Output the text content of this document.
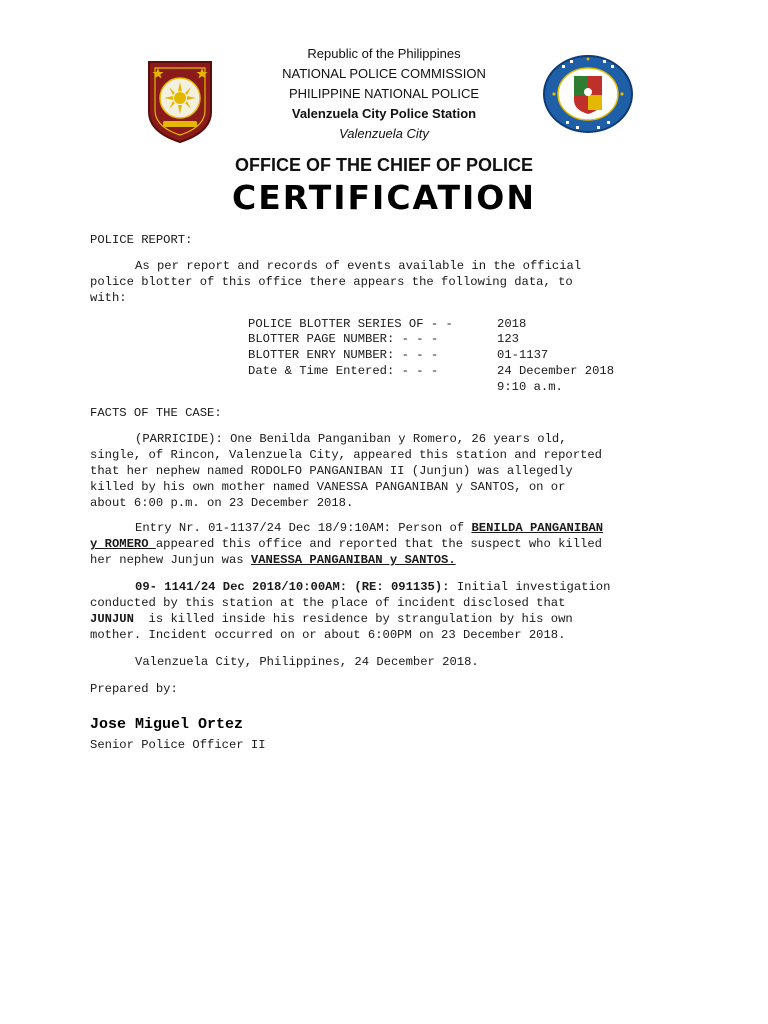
Republic of the Philippines
NATIONAL POLICE COMMISSION
PHILIPPINE NATIONAL POLICE
Valenzuela City Police Station
Valenzuela City
OFFICE OF THE CHIEF OF POLICE
CERTIFICATION
POLICE REPORT:
As per report and records of events available in the official
police blotter of this office there appears the following data, to
with:
POLICE BLOTTER SERIES OF - -	2018
BLOTTER PAGE NUMBER: - - -	123
BLOTTER ENRY NUMBER: - - -	01-1137
Date & Time Entered: - - -	24 December 2018
9:10 a.m.
FACTS OF THE CASE:
(PARRICIDE): One Benilda Panganiban y Romero, 26 years old,
single, of Rincon, Valenzuela City, appeared this station and reported
that her nephew named RODOLFO PANGANIBAN II (Junjun) was allegedly
killed by his own mother named VANESSA PANGANIBAN y SANTOS, on or
about 6:00 p.m. on 23 December 2018.
Entry Nr. 01-1137/24 Dec 18/9:10AM: Person of BENILDA PANGANIBAN
y ROMERO appeared this office and reported that the suspect who killed
her nephew Junjun was VANESSA PANGANIBAN y SANTOS.
09- 1141/24 Dec 2018/10:00AM: (RE: 091135): Initial investigation
conducted by this station at the place of incident disclosed that
JUNJUN  is killed inside his residence by strangulation by his own
mother. Incident occurred on or about 6:00PM on 23 December 2018.
Valenzuela City, Philippines, 24 December 2018.
Prepared by:
Jose Miguel Ortez
Senior Police Officer II
